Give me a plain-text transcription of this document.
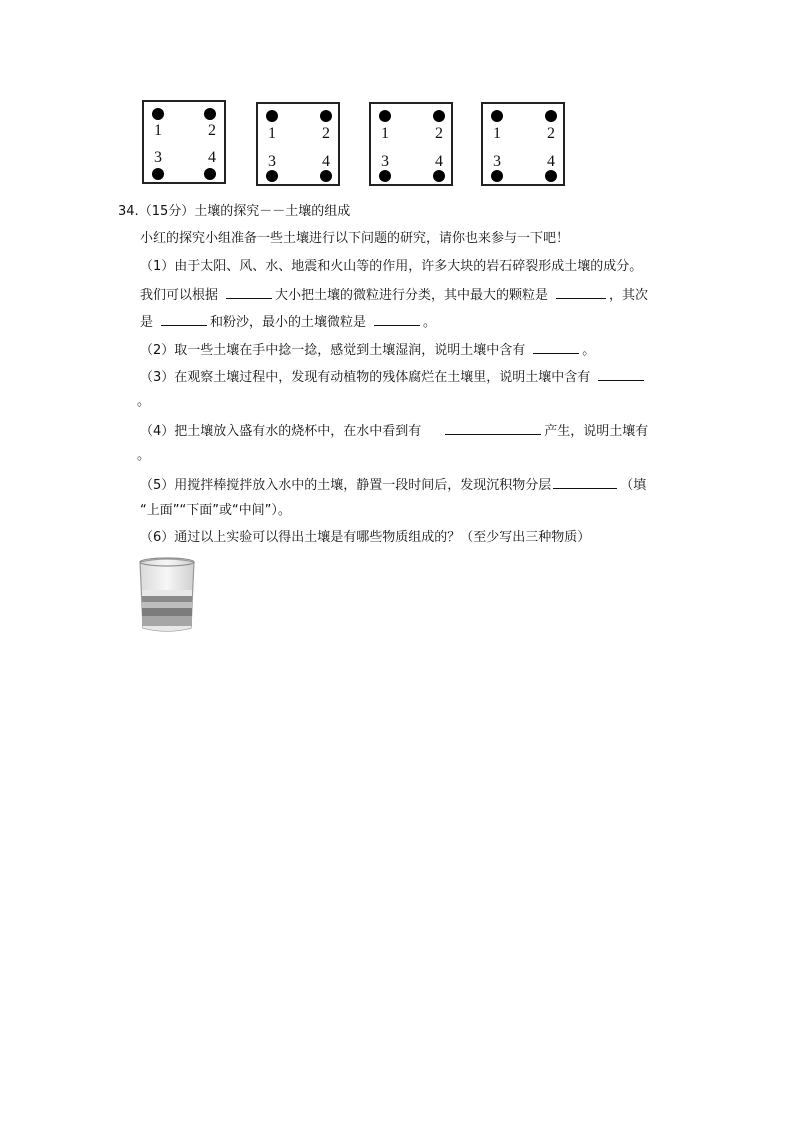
1	2
3	4
1	2
3	4
1	2
3	4
1	2
3	4
34.（15分）土壤的探究－－土壤的组成
小红的探究小组准备一些土壤进行以下问题的研究，请你也来参与一下吧！
（1）由于太阳、风、水、地震和火山等的作用，许多大块的岩石碎裂形成土壤的成分。
我们可以根据	大小把土壤的微粒进行分类，其中最大的颗粒是	，其次
是	和粉沙，最小的土壤微粒是	。
（2）取一些土壤在手中捻一捻，感觉到土壤湿润，说明土壤中含有	。
（3）在观察土壤过程中，发现有动植物的残体腐烂在土壤里，说明土壤中含有
。
（4）把土壤放入盛有水的烧杯中，在水中看到有	产生，说明土壤有
。
（5）用搅拌棒搅拌放入水中的土壤，静置一段时间后，发现沉积物分层	（填
“上面”“下面”或“中间”）。
（6）通过以上实验可以得出土壤是有哪些物质组成的？（至少写出三种物质）
